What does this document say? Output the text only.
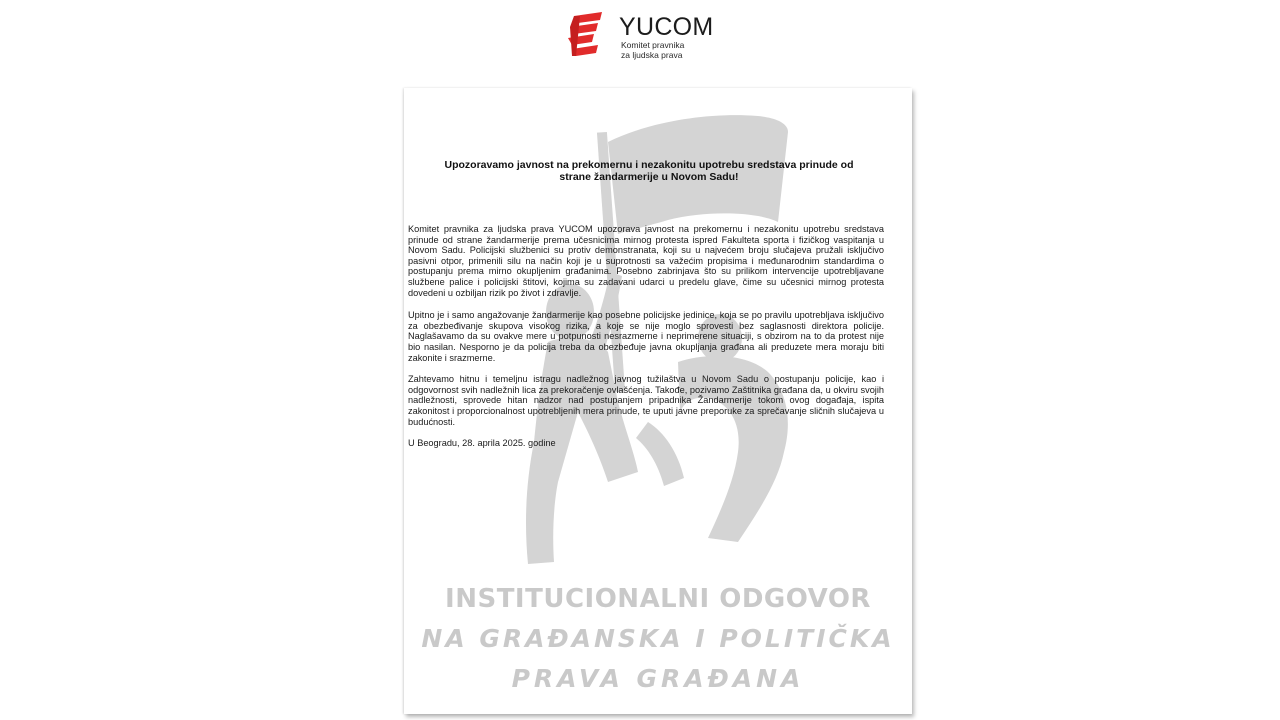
YUCOM
Komitet pravnika
za ljudska prava
INSTITUCIONALNI ODGOVOR
NA GRAĐANSKA I POLITIČKA
PRAVA GRAĐANA
Upozoravamo javnost na prekomernu i nezakonitu upotrebu sredstava prinude od
strane žandarmerije u Novom Sadu!

Komitet pravnika za ljudska prava YUCOM upozorava javnost na prekomernu i nezakonitu upotrebu sredstava prinude od strane žandarmerije prema učesnicima mirnog protesta ispred Fakulteta sporta i fizičkog vaspitanja u Novom Sadu. Policijski službenici su protiv demonstranata, koji su u najvećem broju slučajeva pružali isključivo pasivni otpor, primenili silu na način koji je u suprotnosti sa važećim propisima i međunarodnim standardima o postupanju prema mirno okupljenim građanima. Posebno zabrinjava što su prilikom intervencije upotrebljavane službene palice i policijski štitovi, kojima su zadavani udarci u predelu glave, čime su učesnici mirnog protesta dovedeni u ozbiljan rizik po život i zdravlje.

Upitno je i samo angažovanje žandarmerije kao posebne policijske jedinice, koja se po pravilu upotrebljava isključivo za obezbeđivanje skupova visokog rizika, a koje se nije moglo sprovesti bez saglasnosti direktora policije. Naglašavamo da su ovakve mere u potpunosti nesrazmerne i neprimerene situaciji, s obzirom na to da protest nije bio nasilan. Nesporno je da policija treba da obezbeđuje javna okupljanja građana ali preduzete mera moraju biti zakonite i srazmerne.

Zahtevamo hitnu i temeljnu istragu nadležnog javnog tužilaštva u Novom Sadu o postupanju policije, kao i odgovornost svih nadležnih lica za prekoračenje ovlašćenja. Takođe, pozivamo Zaštitnika građana da, u okviru svojih nadležnosti, sprovede hitan nadzor nad postupanjem pripadnika Žandarmerije tokom ovog događaja, ispita zakonitost i proporcionalnost upotrebljenih mera prinude, te uputi javne preporuke za sprečavanje sličnih slučajeva u budućnosti.

U Beogradu, 28. aprila 2025. godine
